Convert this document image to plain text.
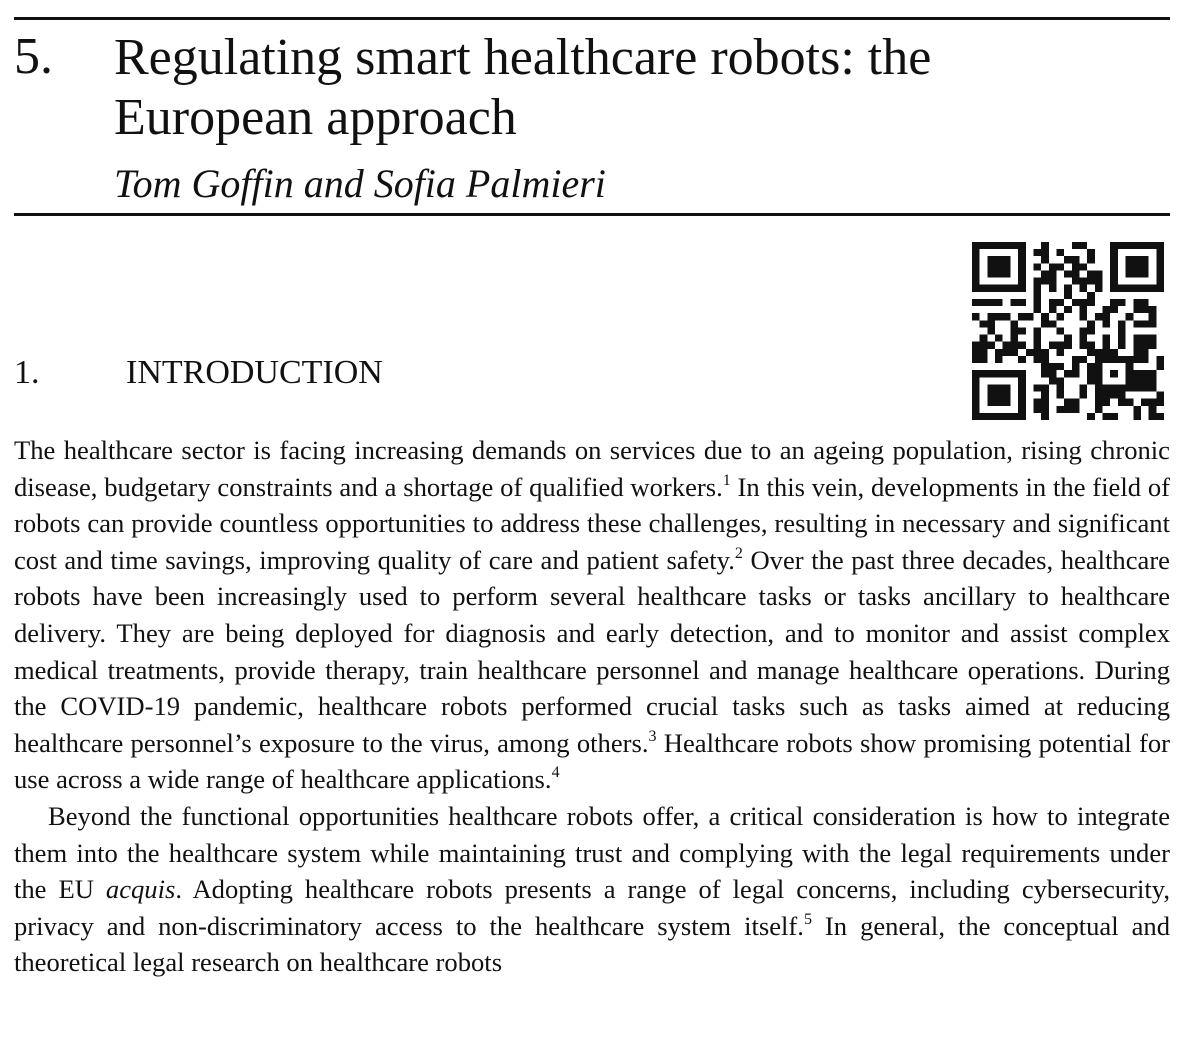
5. Regulating smart healthcare robots: the
European approach
Tom Goffin and Sofia Palmieri
1.	INTRODUCTION

The healthcare sector is facing increasing demands on services due to an ageing population, rising chronic disease, budgetary constraints and a shortage of qualified workers.$^1$ In this vein, developments in the field of robots can provide countless opportunities to address these challenges, resulting in necessary and significant cost and time savings, improving quality of care and patient safety.$^2$ Over the past three decades, healthcare robots have been increasingly used to perform several healthcare tasks or tasks ancillary to healthcare delivery. They are being deployed for diagnosis and early detection, and to monitor and assist complex medical treatments, provide therapy, train healthcare personnel and manage healthcare operations. During the COVID-19 pandemic, healthcare robots performed crucial tasks such as tasks aimed at reducing healthcare personnel’s exposure to the virus, among others.$^3$ Healthcare robots show promising potential for use across a wide range of healthcare applications.$^4$

Beyond the functional opportunities healthcare robots offer, a critical consideration is how to integrate them into the healthcare system while maintaining trust and complying with the legal requirements under the EU acquis. Adopting healthcare robots presents a range of legal concerns, including cybersecurity, privacy and non-discriminatory access to the healthcare system itself.$^5$ In general, the conceptual and theoretical legal research on healthcare robots
